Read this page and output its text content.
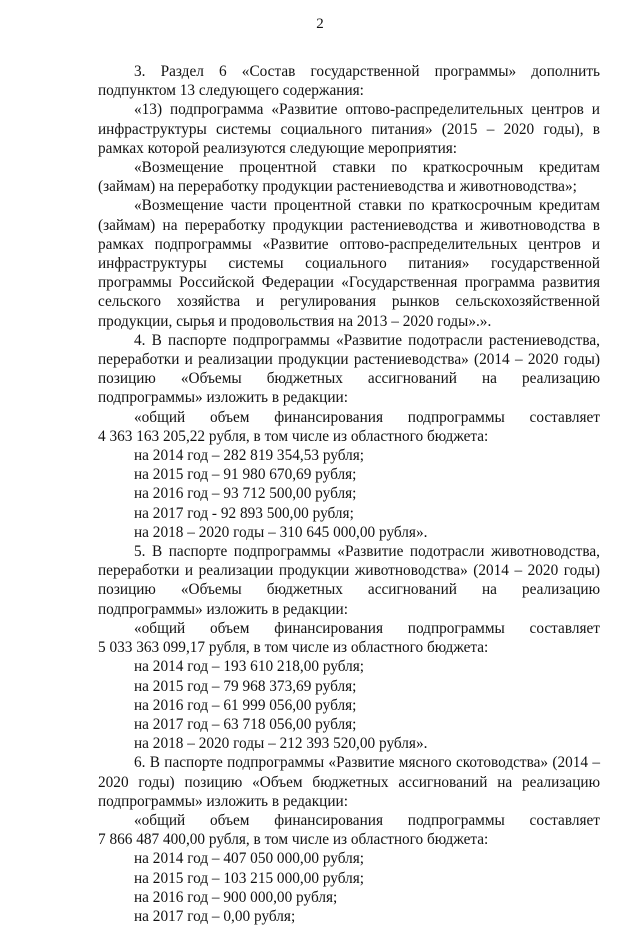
2

3. Раздел 6 «Состав государственной программы» дополнить подпунктом 13 следующего содержания:

«13) подпрограмма «Развитие оптово-распределительных центров и инфраструктуры системы социального питания» (2015 – 2020 годы), в рамках которой реализуются следующие мероприятия:

«Возмещение процентной ставки по краткосрочным кредитам (займам) на переработку продукции растениеводства и животноводства»;

«Возмещение части процентной ставки по краткосрочным кредитам (займам) на переработку продукции растениеводства и животноводства в рамках подпрограммы «Развитие оптово-распределительных центров и инфраструктуры системы социального питания» государственной программы Российской Федерации «Государственная программа развития сельского хозяйства и регулирования рынков сельскохозяйственной продукции, сырья и продовольствия на 2013 – 2020 годы».».

4. В паспорте подпрограммы «Развитие подотрасли растениеводства, переработки и реализации продукции растениеводства» (2014 – 2020 годы) позицию «Объемы бюджетных ассигнований на реализацию подпрограммы» изложить в редакции:

«общий объем финансирования подпрограммы составляет

4 363 163 205,22 рубля, в том числе из областного бюджета:

на 2014 год – 282 819 354,53 рубля;

на 2015 год – 91 980 670,69 рубля;

на 2016 год – 93 712 500,00 рубля;

на 2017 год - 92 893 500,00 рубля;

на 2018 – 2020 годы – 310 645 000,00 рубля».

5. В паспорте подпрограммы «Развитие подотрасли животноводства, переработки и реализации продукции животноводства» (2014 – 2020 годы) позицию «Объемы бюджетных ассигнований на реализацию подпрограммы» изложить в редакции:

«общий объем финансирования подпрограммы составляет

5 033 363 099,17 рубля, в том числе из областного бюджета:

на 2014 год – 193 610 218,00 рубля;

на 2015 год – 79 968 373,69 рубля;

на 2016 год – 61 999 056,00 рубля;

на 2017 год – 63 718 056,00 рубля;

на 2018 – 2020 годы – 212 393 520,00 рубля».

6. В паспорте подпрограммы «Развитие мясного скотоводства» (2014 – 2020 годы) позицию «Объем бюджетных ассигнований на реализацию подпрограммы» изложить в редакции:

«общий объем финансирования подпрограммы составляет

7 866 487 400,00 рубля, в том числе из областного бюджета:

на 2014 год – 407 050 000,00 рубля;

на 2015 год – 103 215 000,00 рубля;

на 2016 год – 900 000,00 рубля;

на 2017 год – 0,00 рубля;
